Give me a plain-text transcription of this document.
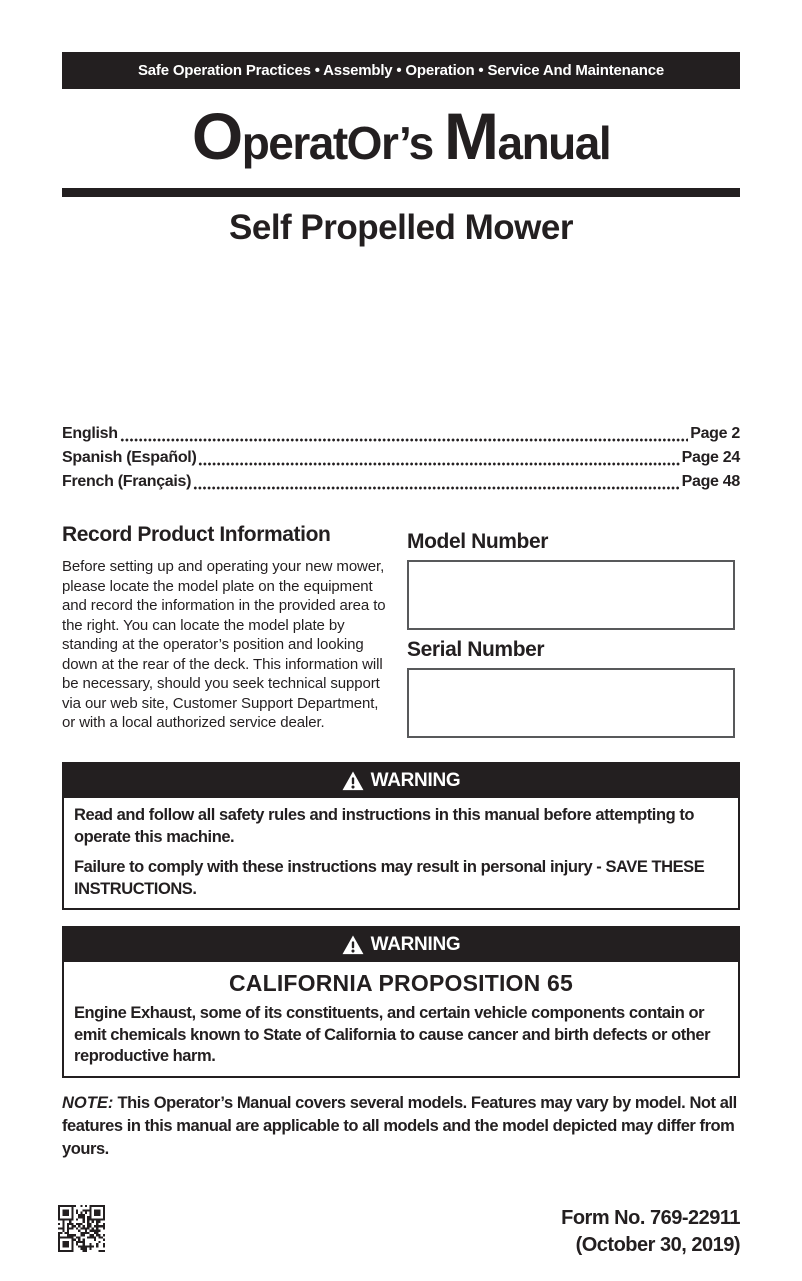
Safe Operation Practices • Assembly • Operation • Service And Maintenance
OperatOr’s Manual
Self Propelled Mower
English	Page 2
Spanish (Español)	Page 24
French (Français)	Page 48
Record Product Information

Before setting up and operating your new mower, please locate the model plate on the equipment and record the information in the provided area to the right. You can locate the model plate by standing at the operator’s position and looking down at the rear of the deck. This information will be necessary, should you seek technical support via our web site, Customer Support Department, or with a local authorized service dealer.

Model Number
Serial Number
WARNING

Read and follow all safety rules and instructions in this manual before attempting to operate this machine.

Failure to comply with these instructions may result in personal injury - SAVE THESE INSTRUCTIONS.

WARNING
CALIFORNIA PROPOSITION 65

Engine Exhaust, some of its constituents, and certain vehicle components contain or emit chemicals known to State of California to cause cancer and birth defects or other reproductive harm.

NOTE: This Operator’s Manual covers several models. Features may vary by model. Not all features in this manual are applicable to all models and the model depicted may differ from yours.

Form No. 769-22911
(October 30, 2019)
